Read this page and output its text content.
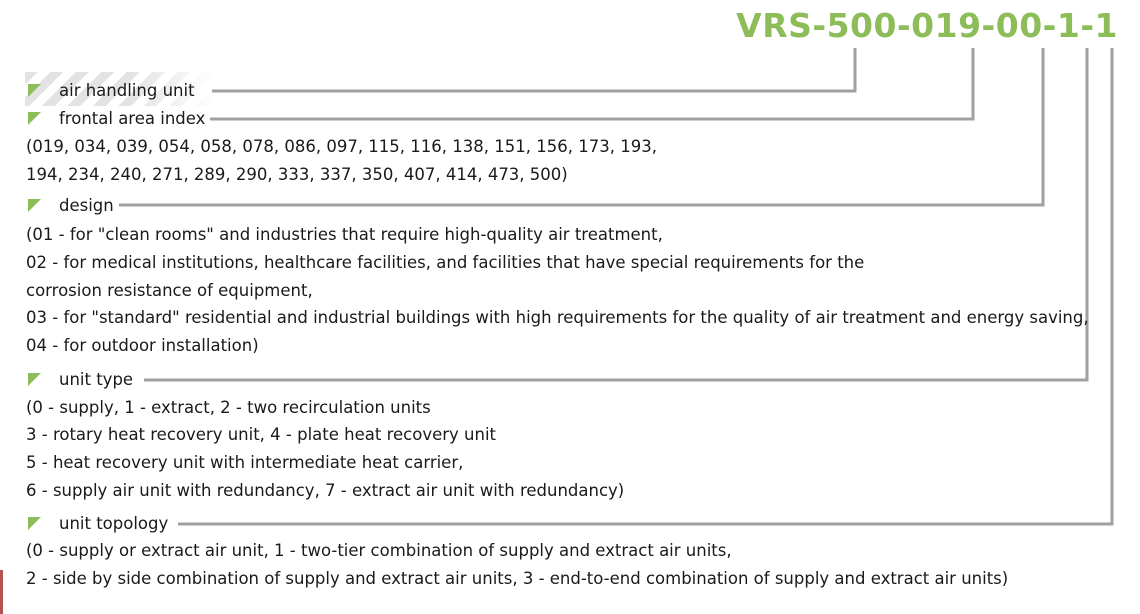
VRS-500-019-00-1-1
air handling unit
frontal area index
(019, 034, 039, 054, 058, 078, 086, 097, 115, 116, 138, 151, 156, 173, 193,
194, 234, 240, 271, 289, 290, 333, 337, 350, 407, 414, 473, 500)
design
(01 - for "clean rooms" and industries that require high-quality air treatment,
02 - for medical institutions, healthcare facilities, and facilities that have special requirements for the
corrosion resistance of equipment,
03 - for "standard" residential and industrial buildings with high requirements for the quality of air treatment and energy saving,
04 - for outdoor installation)
unit type
(0 - supply, 1 - extract, 2 - two recirculation units
3 - rotary heat recovery unit, 4 - plate heat recovery unit
5 - heat recovery unit with intermediate heat carrier,
6 - supply air unit with redundancy, 7 - extract air unit with redundancy)
unit topology
(0 - supply or extract air unit, 1 - two-tier combination of supply and extract air units,
2 - side by side combination of supply and extract air units, 3 - end-to-end combination of supply and extract air units)
